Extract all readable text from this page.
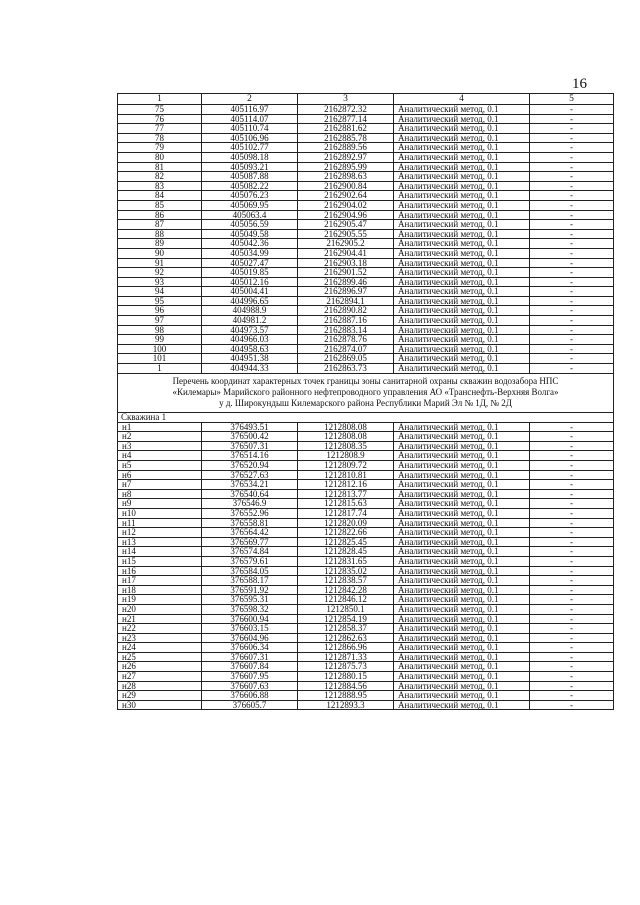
16
1	2	3	4	5
75	405116.97	2162872.32	Аналитический метод, 0.1	-
76	405114.07	2162877.14	Аналитический метод, 0.1	-
77	405110.74	2162881.62	Аналитический метод, 0.1	-
78	405106.96	2162885.78	Аналитический метод, 0.1	-
79	405102.77	2162889.56	Аналитический метод, 0.1	-
80	405098.18	2162892.97	Аналитический метод, 0.1	-
81	405093.21	2162895.99	Аналитический метод, 0.1	-
82	405087.88	2162898.63	Аналитический метод, 0.1	-
83	405082.22	2162900.84	Аналитический метод, 0.1	-
84	405076.23	2162902.64	Аналитический метод, 0.1	-
85	405069.95	2162904.02	Аналитический метод, 0.1	-
86	405063.4	2162904.96	Аналитический метод, 0.1	-
87	405056.59	2162905.47	Аналитический метод, 0.1	-
88	405049.58	2162905.55	Аналитический метод, 0.1	-
89	405042.36	2162905.2	Аналитический метод, 0.1	-
90	405034.99	2162904.41	Аналитический метод, 0.1	-
91	405027.47	2162903.18	Аналитический метод, 0.1	-
92	405019.85	2162901.52	Аналитический метод, 0.1	-
93	405012.16	2162899.46	Аналитический метод, 0.1	-
94	405004.41	2162896.97	Аналитический метод, 0.1	-
95	404996.65	2162894.1	Аналитический метод, 0.1	-
96	404988.9	2162890.82	Аналитический метод, 0.1	-
97	404981.2	2162887.16	Аналитический метод, 0.1	-
98	404973.57	2162883.14	Аналитический метод, 0.1	-
99	404966.03	2162878.76	Аналитический метод, 0.1	-
100	404958.63	2162874.07	Аналитический метод, 0.1	-
101	404951.38	2162869.05	Аналитический метод, 0.1	-
1	404944.33	2162863.73	Аналитический метод, 0.1	-

Перечень координат характерных точек границы зоны санитарной охраны скважин водозабора НПС
«Килемары» Марийского районного нефтепроводного управления АО «Транснефть-Верхняя Волга»
у д. Широкундыш Килемарского района Республики Марий Эл № 1Д, № 2Д				

Скважина 1				
н1	376493.51	1212808.08	Аналитический метод, 0.1	-
н2	376500.42	1212808.08	Аналитический метод, 0.1	-
н3	376507.31	1212808.35	Аналитический метод, 0.1	-
н4	376514.16	1212808.9	Аналитический метод, 0.1	-
н5	376520.94	1212809.72	Аналитический метод, 0.1	-
н6	376527.63	1212810.81	Аналитический метод, 0.1	-
н7	376534.21	1212812.16	Аналитический метод, 0.1	-
н8	376540.64	1212813.77	Аналитический метод, 0.1	-
н9	376546.9	1212815.63	Аналитический метод, 0.1	-
н10	376552.96	1212817.74	Аналитический метод, 0.1	-
н11	376558.81	1212820.09	Аналитический метод, 0.1	-
н12	376564.42	1212822.66	Аналитический метод, 0.1	-
н13	376569.77	1212825.45	Аналитический метод, 0.1	-
н14	376574.84	1212828.45	Аналитический метод, 0.1	-
н15	376579.61	1212831.65	Аналитический метод, 0.1	-
н16	376584.05	1212835.02	Аналитический метод, 0.1	-
н17	376588.17	1212838.57	Аналитический метод, 0.1	-
н18	376591.92	1212842.28	Аналитический метод, 0.1	-
н19	376595.31	1212846.12	Аналитический метод, 0.1	-
н20	376598.32	1212850.1	Аналитический метод, 0.1	-
н21	376600.94	1212854.19	Аналитический метод, 0.1	-
н22	376603.15	1212858.37	Аналитический метод, 0.1	-
н23	376604.96	1212862.63	Аналитический метод, 0.1	-
н24	376606.34	1212866.96	Аналитический метод, 0.1	-
н25	376607.31	1212871.33	Аналитический метод, 0.1	-
н26	376607.84	1212875.73	Аналитический метод, 0.1	-
н27	376607.95	1212880.15	Аналитический метод, 0.1	-
н28	376607.63	1212884.56	Аналитический метод, 0.1	-
н29	376606.88	1212888.95	Аналитический метод, 0.1	-
н30	376605.7	1212893.3	Аналитический метод, 0.1	-
